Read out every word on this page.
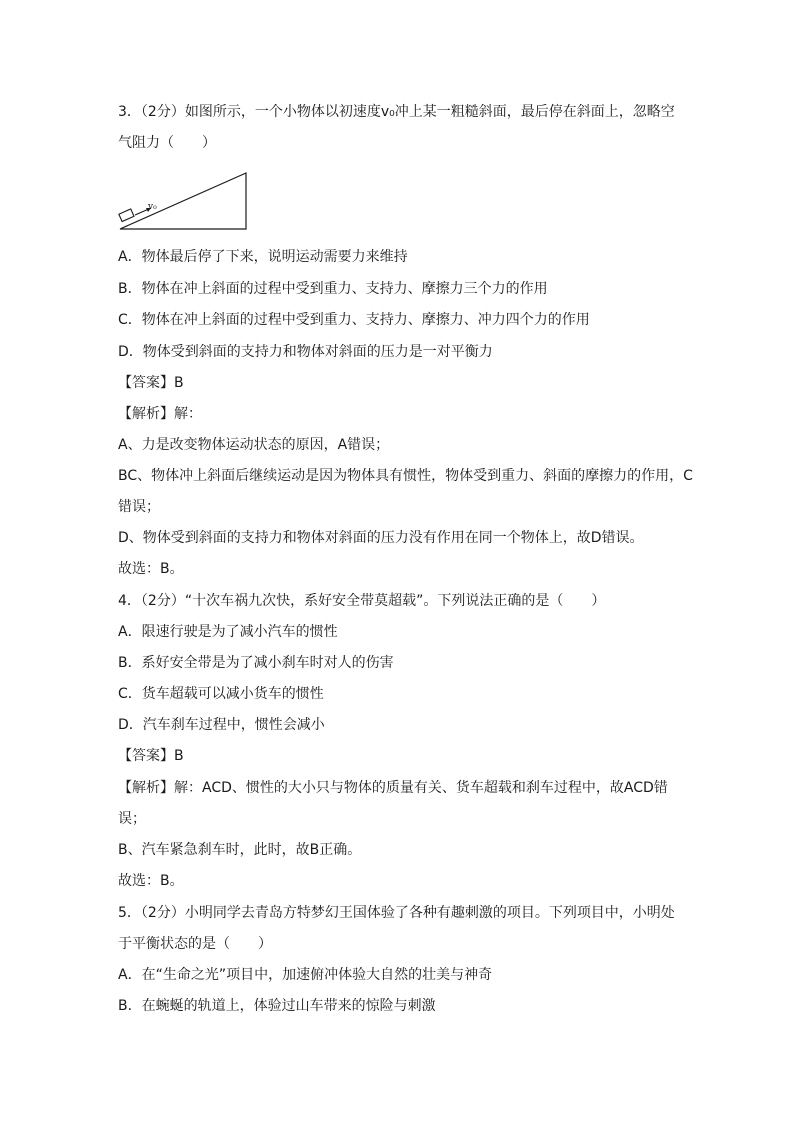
3．（2分）如图所示，一个小物体以初速度v₀冲上某一粗糙斜面，最后停在斜面上，忽略空
气阻力（　　）
v₀
A．物体最后停了下来，说明运动需要力来维持
B．物体在冲上斜面的过程中受到重力、支持力、摩擦力三个力的作用
C．物体在冲上斜面的过程中受到重力、支持力、摩擦力、冲力四个力的作用
D．物体受到斜面的支持力和物体对斜面的压力是一对平衡力
【答案】B
【解析】解：
A、力是改变物体运动状态的原因，A错误；
BC、物体冲上斜面后继续运动是因为物体具有惯性，物体受到重力、斜面的摩擦力的作用，C
错误；
D、物体受到斜面的支持力和物体对斜面的压力没有作用在同一个物体上，故D错误。
故选：B。
4．（2分）“十次车祸九次快，系好安全带莫超载”。下列说法正确的是（　　）
A．限速行驶是为了减小汽车的惯性
B．系好安全带是为了减小刹车时对人的伤害
C．货车超载可以减小货车的惯性
D．汽车刹车过程中，惯性会减小
【答案】B
【解析】解：ACD、惯性的大小只与物体的质量有关、货车超载和刹车过程中，故ACD错
误；
B、汽车紧急刹车时，此时，故B正确。
故选：B。
5．（2分）小明同学去青岛方特梦幻王国体验了各种有趣刺激的项目。下列项目中，小明处
于平衡状态的是（　　）
A．在“生命之光”项目中，加速俯冲体验大自然的壮美与神奇
B．在蜿蜒的轨道上，体验过山车带来的惊险与刺激
